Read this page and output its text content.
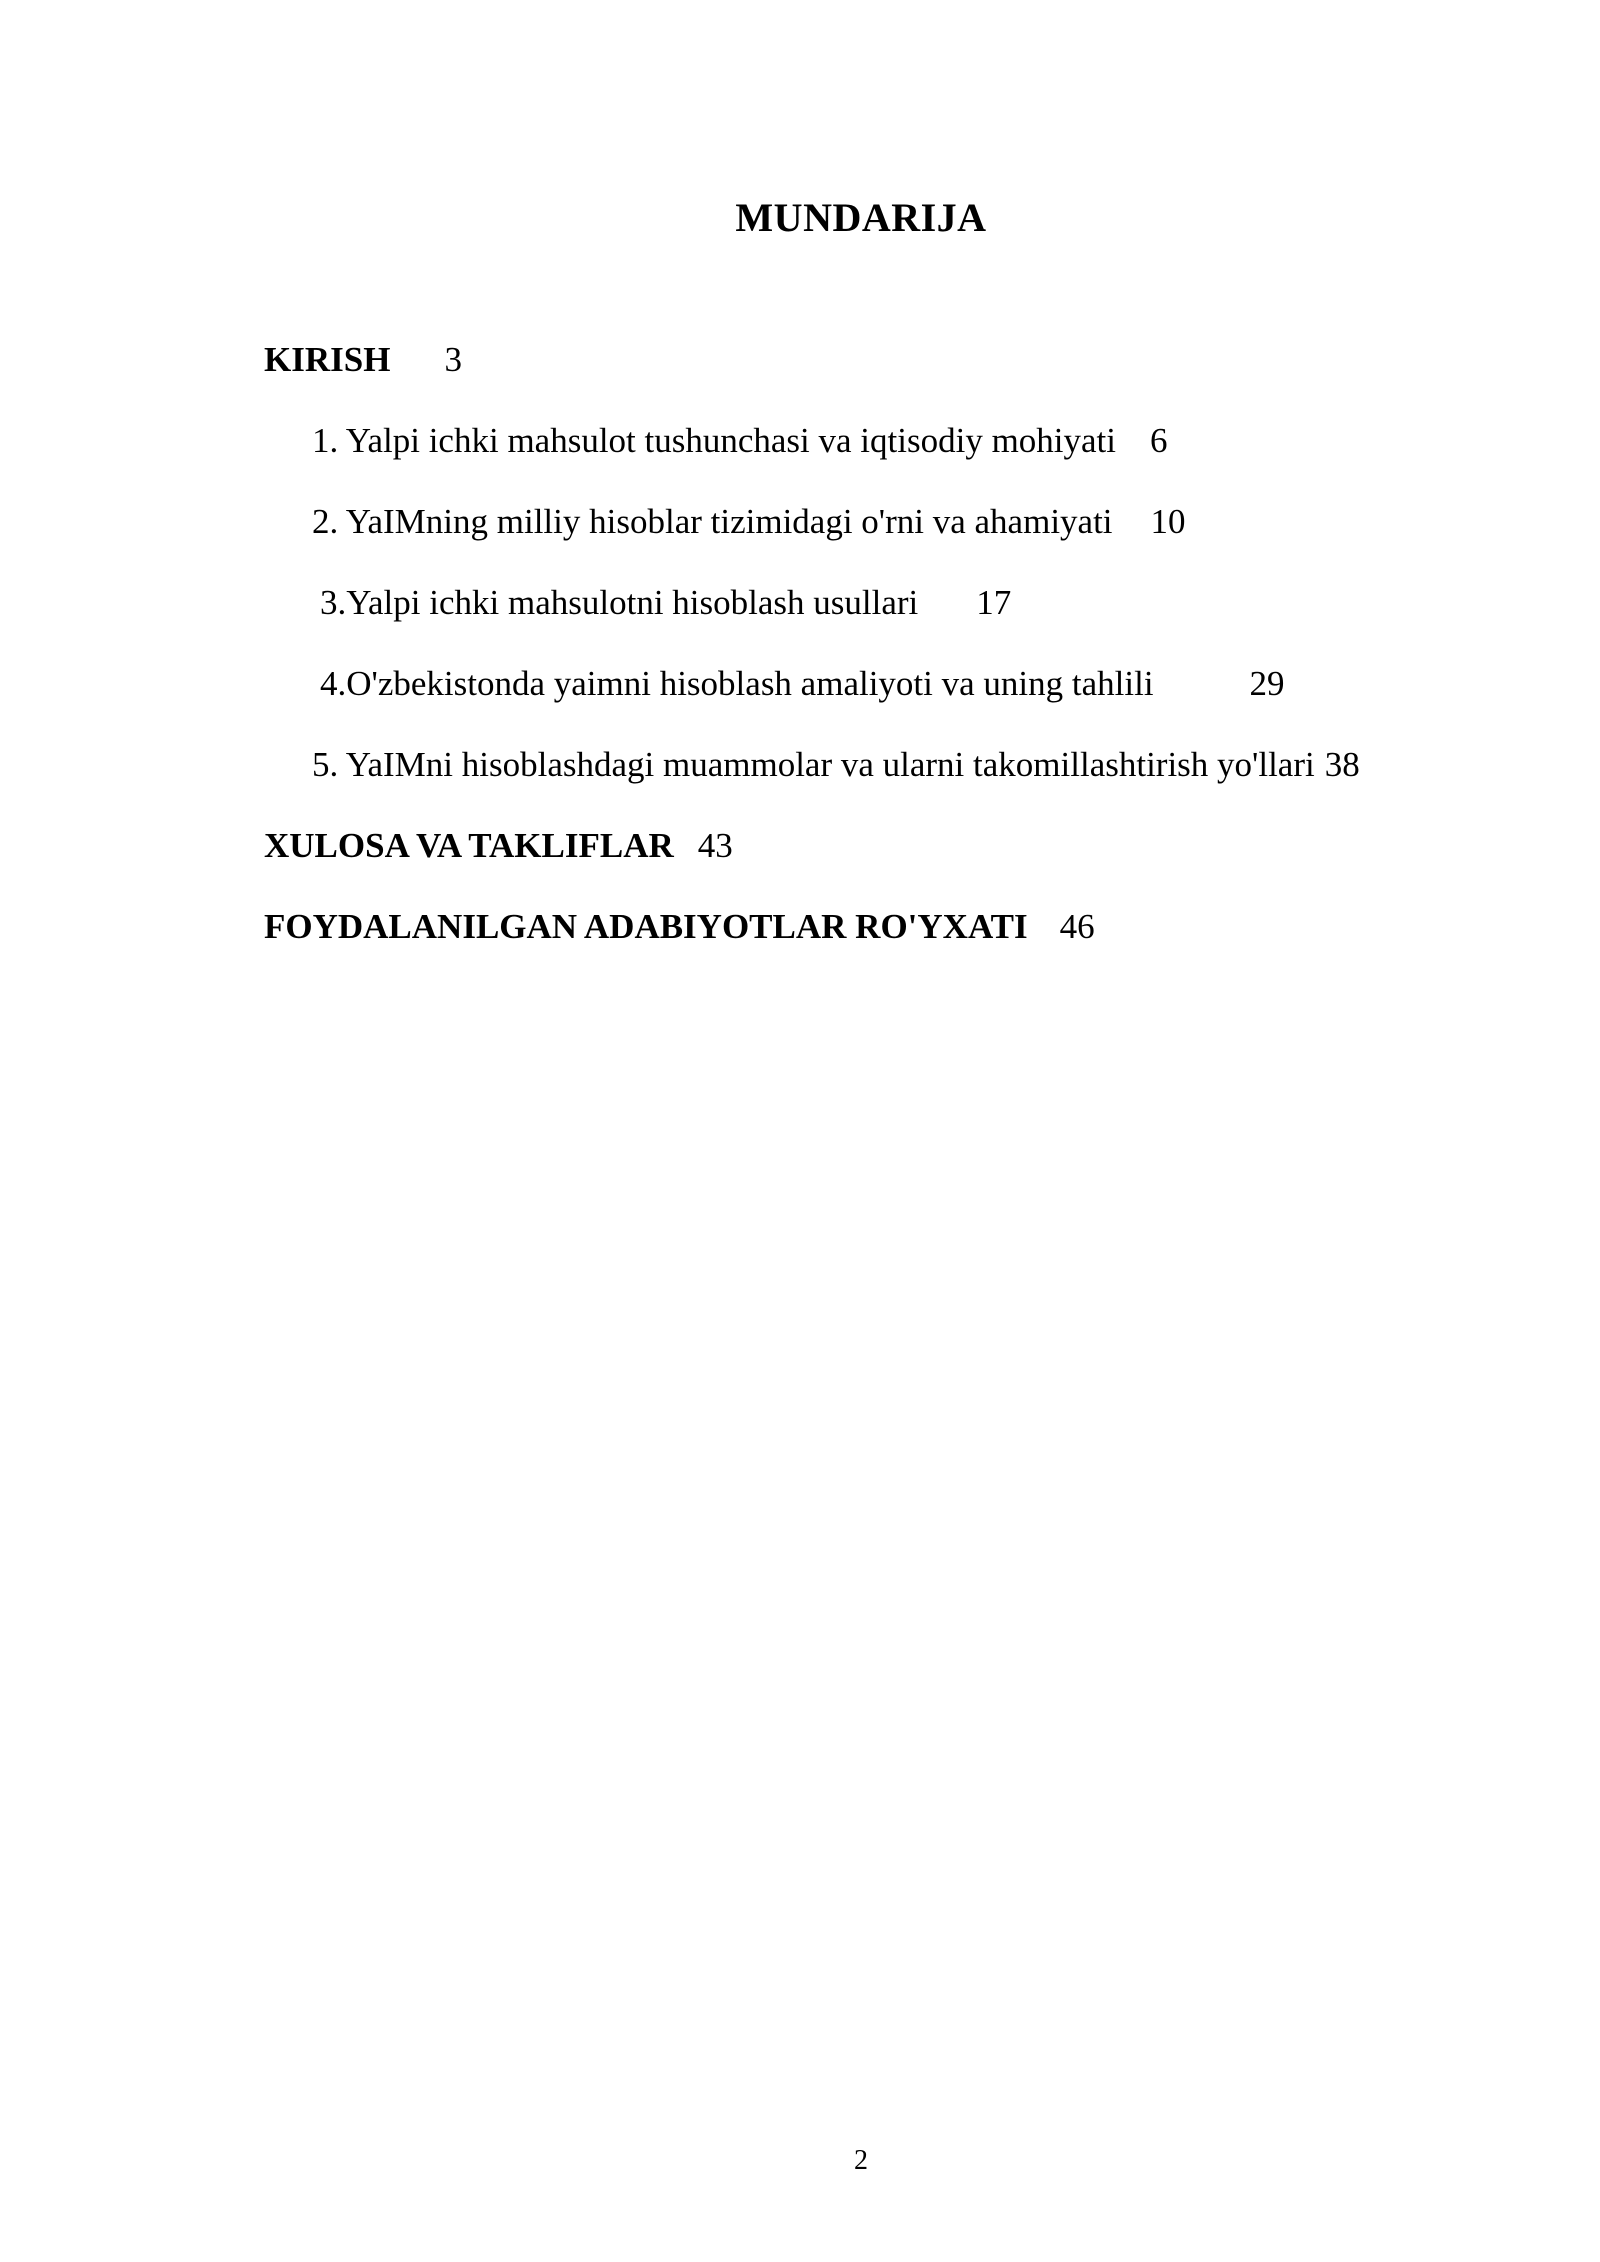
MUNDARIJA

KIRISH 3

1. Yalpi ichki mahsulot tushunchasi va iqtisodiy mohiyati 6

2. YaIMning milliy hisoblar tizimidagi o'rni va ahamiyati 10

3.Yalpi ichki mahsulotni hisoblash usullari 17

4.O'zbekistonda yaimni hisoblash amaliyoti va uning tahlili	29

5. YaIMni hisoblashdagi muammolar va ularni takomillashtirish yo'llari 38

XULOSA VA TAKLIFLAR 43

FOYDALANILGAN ADABIYOTLAR RO'YXATI 46

2
